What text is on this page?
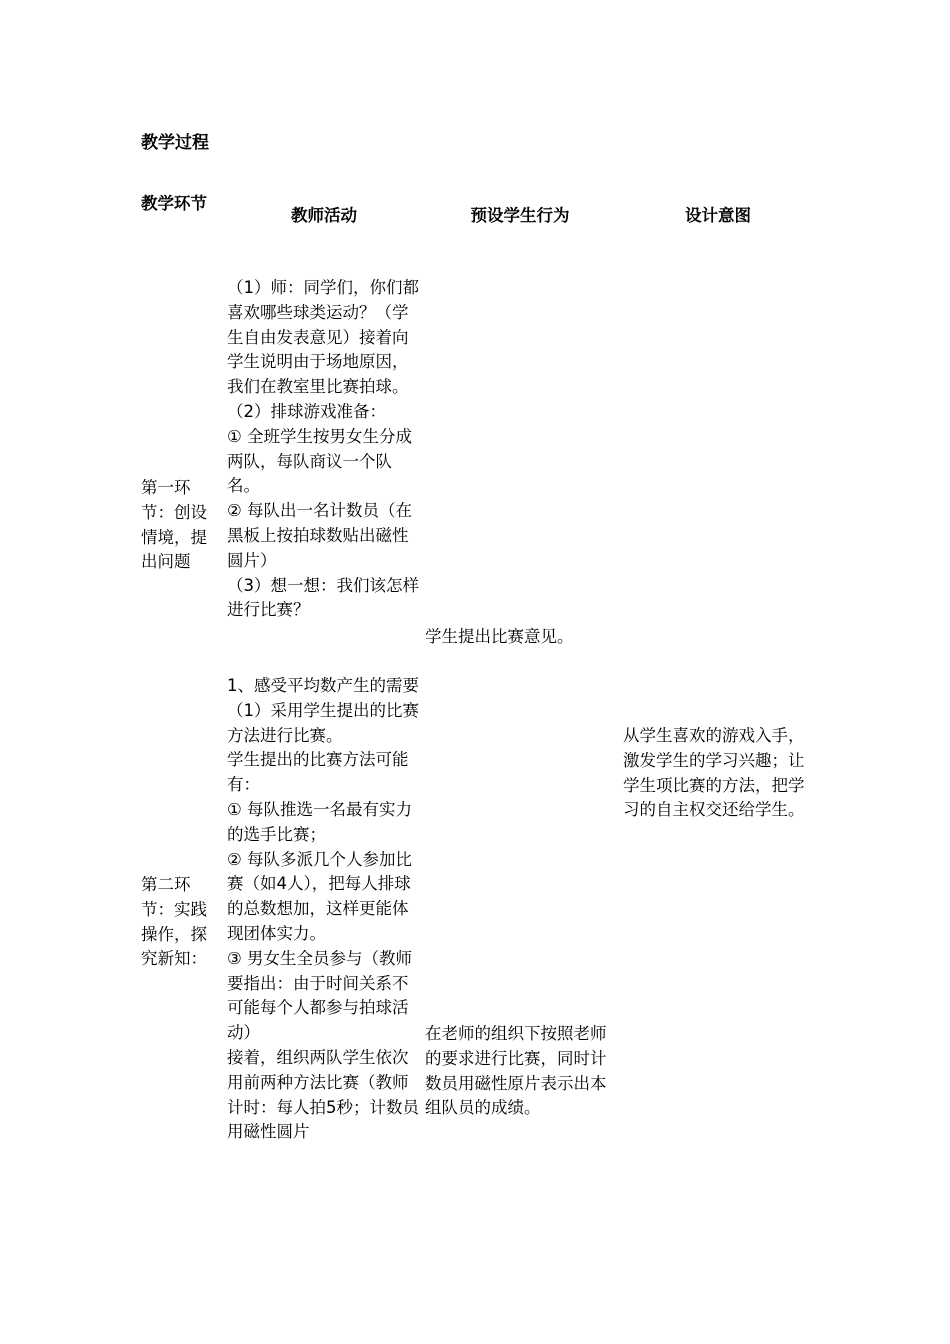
教学过程

教学环节

教师活动	预设学生行为	设计意图

第一环节：创设情境，提出问题

（1）师：同学们，你们都喜欢哪些球类运动？（学生自由发表意见）接着向学生说明由于场地原因，我们在教室里比赛拍球。
（2）排球游戏准备：
① 全班学生按男女生分成两队，每队商议一个队名。
② 每队出一名计数员（在黑板上按拍球数贴出磁性圆片）
（3）想一想：我们该怎样进行比赛？

学生提出比赛意见。

从学生喜欢的游戏入手，激发学生的学习兴趣；让学生项比赛的方法，把学习的自主权交还给学生。

第二环节：实践操作，探究新知：

1、感受平均数产生的需要
（1）采用学生提出的比赛方法进行比赛。
学生提出的比赛方法可能有：
① 每队推选一名最有实力的选手比赛；
② 每队多派几个人参加比赛（如4人），把每人排球的总数想加，这样更能体现团体实力。
③ 男女生全员参与（教师要指出：由于时间关系不可能每个人都参与拍球活动）
接着，组织两队学生依次用前两种方法比赛（教师计时：每人拍5秒；计数员用磁性圆片

在老师的组织下按照老师的要求进行比赛，同时计数员用磁性原片表示出本组队员的成绩。
